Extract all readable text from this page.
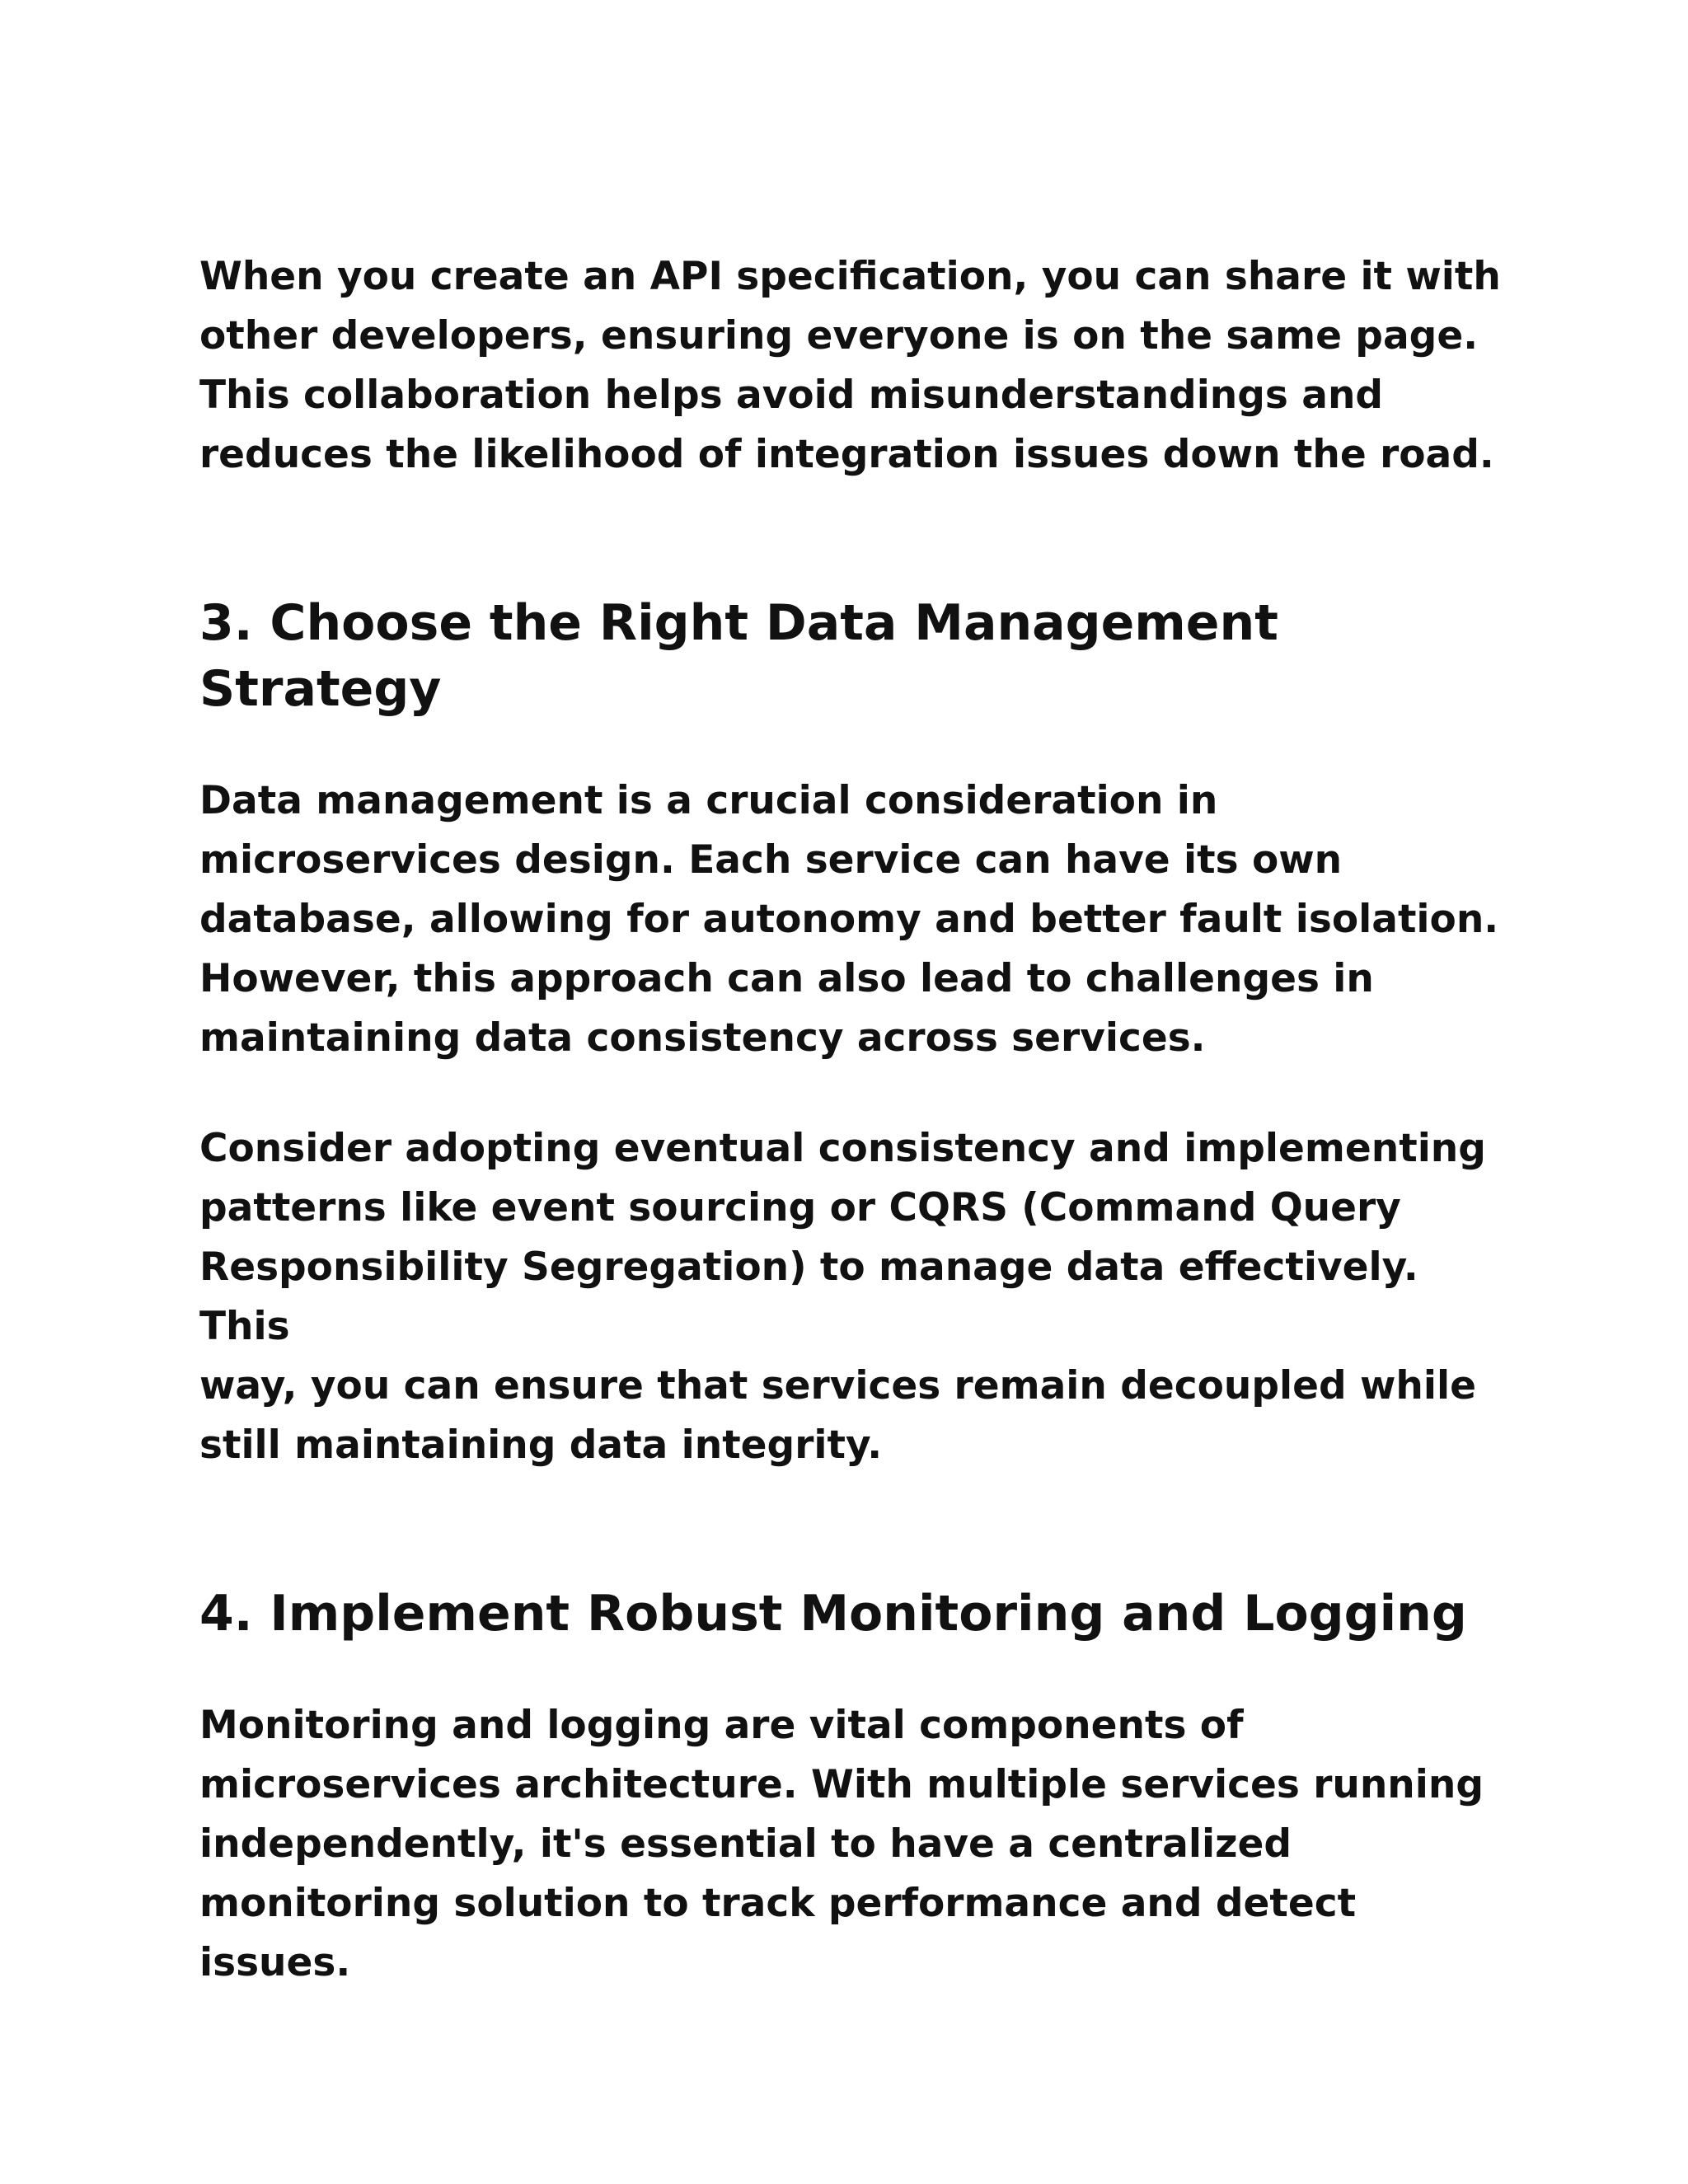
When you create an API specification, you can share it with
other developers, ensuring everyone is on the same page.
This collaboration helps avoid misunderstandings and
reduces the likelihood of integration issues down the road.

3. Choose the Right Data Management Strategy

Data management is a crucial consideration in
microservices design. Each service can have its own
database, allowing for autonomy and better fault isolation.
However, this approach can also lead to challenges in
maintaining data consistency across services.

Consider adopting eventual consistency and implementing
patterns like event sourcing or CQRS (Command Query
Responsibility Segregation) to manage data effectively. This
way, you can ensure that services remain decoupled while
still maintaining data integrity.

4. Implement Robust Monitoring and Logging

Monitoring and logging are vital components of
microservices architecture. With multiple services running
independently, it's essential to have a centralized
monitoring solution to track performance and detect issues.
